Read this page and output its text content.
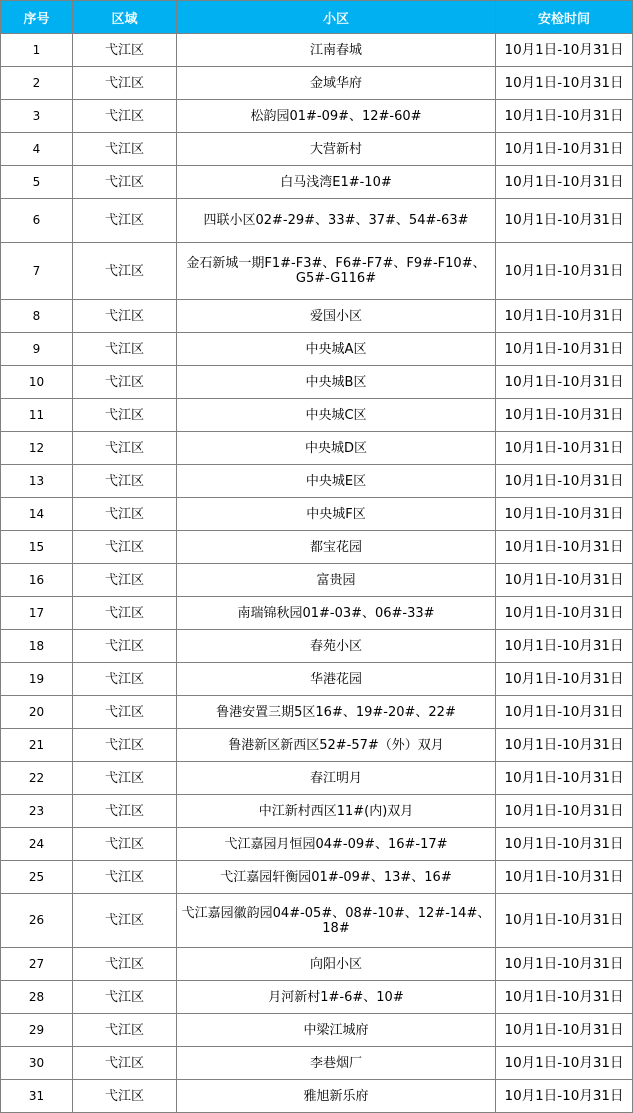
序号	区域	小区	安检时间
1	弋江区	江南春城	10月1日-10月31日
2	弋江区	金域华府	10月1日-10月31日
3	弋江区	松韵园01#-09#、12#-60#	10月1日-10月31日
4	弋江区	大营新村	10月1日-10月31日
5	弋江区	白马浅湾E1#-10#	10月1日-10月31日
6	弋江区	四联小区02#-29#、33#、37#、54#-63#	10月1日-10月31日
7	弋江区	金石新城一期F1#-F3#、F6#-F7#、F9#-F10#、G5#-G116#	10月1日-10月31日
8	弋江区	爱国小区	10月1日-10月31日
9	弋江区	中央城A区	10月1日-10月31日
10	弋江区	中央城B区	10月1日-10月31日
11	弋江区	中央城C区	10月1日-10月31日
12	弋江区	中央城D区	10月1日-10月31日
13	弋江区	中央城E区	10月1日-10月31日
14	弋江区	中央城F区	10月1日-10月31日
15	弋江区	都宝花园	10月1日-10月31日
16	弋江区	富贵园	10月1日-10月31日
17	弋江区	南瑞锦秋园01#-03#、06#-33#	10月1日-10月31日
18	弋江区	春苑小区	10月1日-10月31日
19	弋江区	华港花园	10月1日-10月31日
20	弋江区	鲁港安置三期5区16#、19#-20#、22#	10月1日-10月31日
21	弋江区	鲁港新区新西区52#-57#（外）双月	10月1日-10月31日
22	弋江区	春江明月	10月1日-10月31日
23	弋江区	中江新村西区11#(内)双月	10月1日-10月31日
24	弋江区	弋江嘉园月恒园04#-09#、16#-17#	10月1日-10月31日
25	弋江区	弋江嘉园轩衡园01#-09#、13#、16#	10月1日-10月31日
26	弋江区	弋江嘉园徽韵园04#-05#、08#-10#、12#-14#、18#	10月1日-10月31日
27	弋江区	向阳小区	10月1日-10月31日
28	弋江区	月河新村1#-6#、10#	10月1日-10月31日
29	弋江区	中梁江城府	10月1日-10月31日
30	弋江区	李巷烟厂	10月1日-10月31日
31	弋江区	雅旭新乐府	10月1日-10月31日
